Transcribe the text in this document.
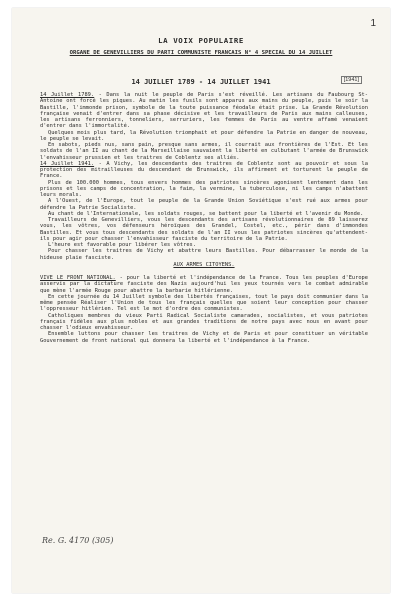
1
LA VOIX POPULAIRE
ORGANE DE GENEVILLIERS DU PARTI COMMUNISTE FRANCAIS N° 4 SPECIAL DU 14 JUILLET
14 JUILLET 1789 - 14 JUILLET 1941	[1941]

14 Juillet 1789. - Dans la nuit le peuple de Paris s'est réveillé. Les artisans du Faubourg St-Antoine ont forcé les piques. Au matin les fusils sont apparus aux mains du peuple, puis le soir la Bastille, l'immonde prison, symbole de la toute puissance féodale était prise. La Grande Révolution française venait d'entrer dans sa phase décisive et les travailleurs de Paris aux mains calleuses, les artisans ferronniers, tonneliers, serruriers, les femmes de Paris au ventre affamé venaient d'entrer dans l'immortalité.

Quelques mois plus tard, la Révolution triomphait et pour défendre la Patrie en danger de nouveau, le peuple se levait.

En sabots, pieds nus, sans pain, presque sans armes, il courrait aux frontières de l'Est. Et les soldats de l'an II au chant de la Marseillaise sauvaient la liberté en culbutant l'armée de Brunswick l'envahisseur prussien et les traitres de Coblentz ses alliés.

14 Juillet 1941. - A Vichy, les descendants des traitres de Coblentz sont au pouvoir et sous la protection des mitrailleuses du descendant de Brunswick, ils affirment et torturent le peuple de France.

Plus de 100.000 hommes, tous envers hommes des patriotes sincères agonisent lentement dans les prisons et les camps de concentration, la faim, la vermine, la tuberculose, ni les camps n'abattent leurs morals.

A l'Ouest, de l'Europe, tout le peuple de la Grande Union Soviétique s'est rué aux armes pour défendre la Patrie Socialiste.

Au chant de l'Internationale, les soldats rouges, se battent pour la liberté et l'avenir du Monde.

Travailleurs de Genevilliers, vous les descendants des artisans révolutionnaires de 89 laisserez vous, les vôtres, vos défenseurs héroïques des Grandel, Costel, etc., périr dans d'immondes Bastilles. Et vous tous descendants des soldats de l'an II vous les patriotes sincères qu'attendent-ils pour agir pour chasser l'envahisseur fasciste du territoire de la Patrie.

L'heure est favorable pour libérer les vôtres.

Pour chasser les traitres de Vichy et abattre leurs Bastilles. Pour débarrasser le monde de la hideuse plaie fasciste.

AUX ARMES CITOYENS.

VIVE LE FRONT NATIONAL. - pour la liberté et l'indépendance de la France. Tous les peuples d'Europe asservis par la dictature fasciste des Nazis aujourd'hui les yeux tournés vers le combat admirable que mène l'armée Rouge pour abattre la barbarie hitlérienne.

En cette journée du 14 Juillet symbole des libertés françaises, tout le pays doit communier dans la même pensée Réaliser l'Union de tous les français quelles que soient leur conception pour chasser l'oppresseur hitlérien. Tel est le mot d'ordre des communistes.

Catholiques membres du vieux Parti Radical Socialiste camarades, socialistes, et vous patriotes français fidèles aux plus nobles et aux grandes traditions de notre pays avec nous en avant pour chasser l'odieux envahisseur.

Ensemble luttons pour chasser les traitres de Vichy et de Paris et pour constituer un véritable Gouvernement de front national qui donnera la liberté et l'indépendance à la France.

Re. G. 4170 (305)
